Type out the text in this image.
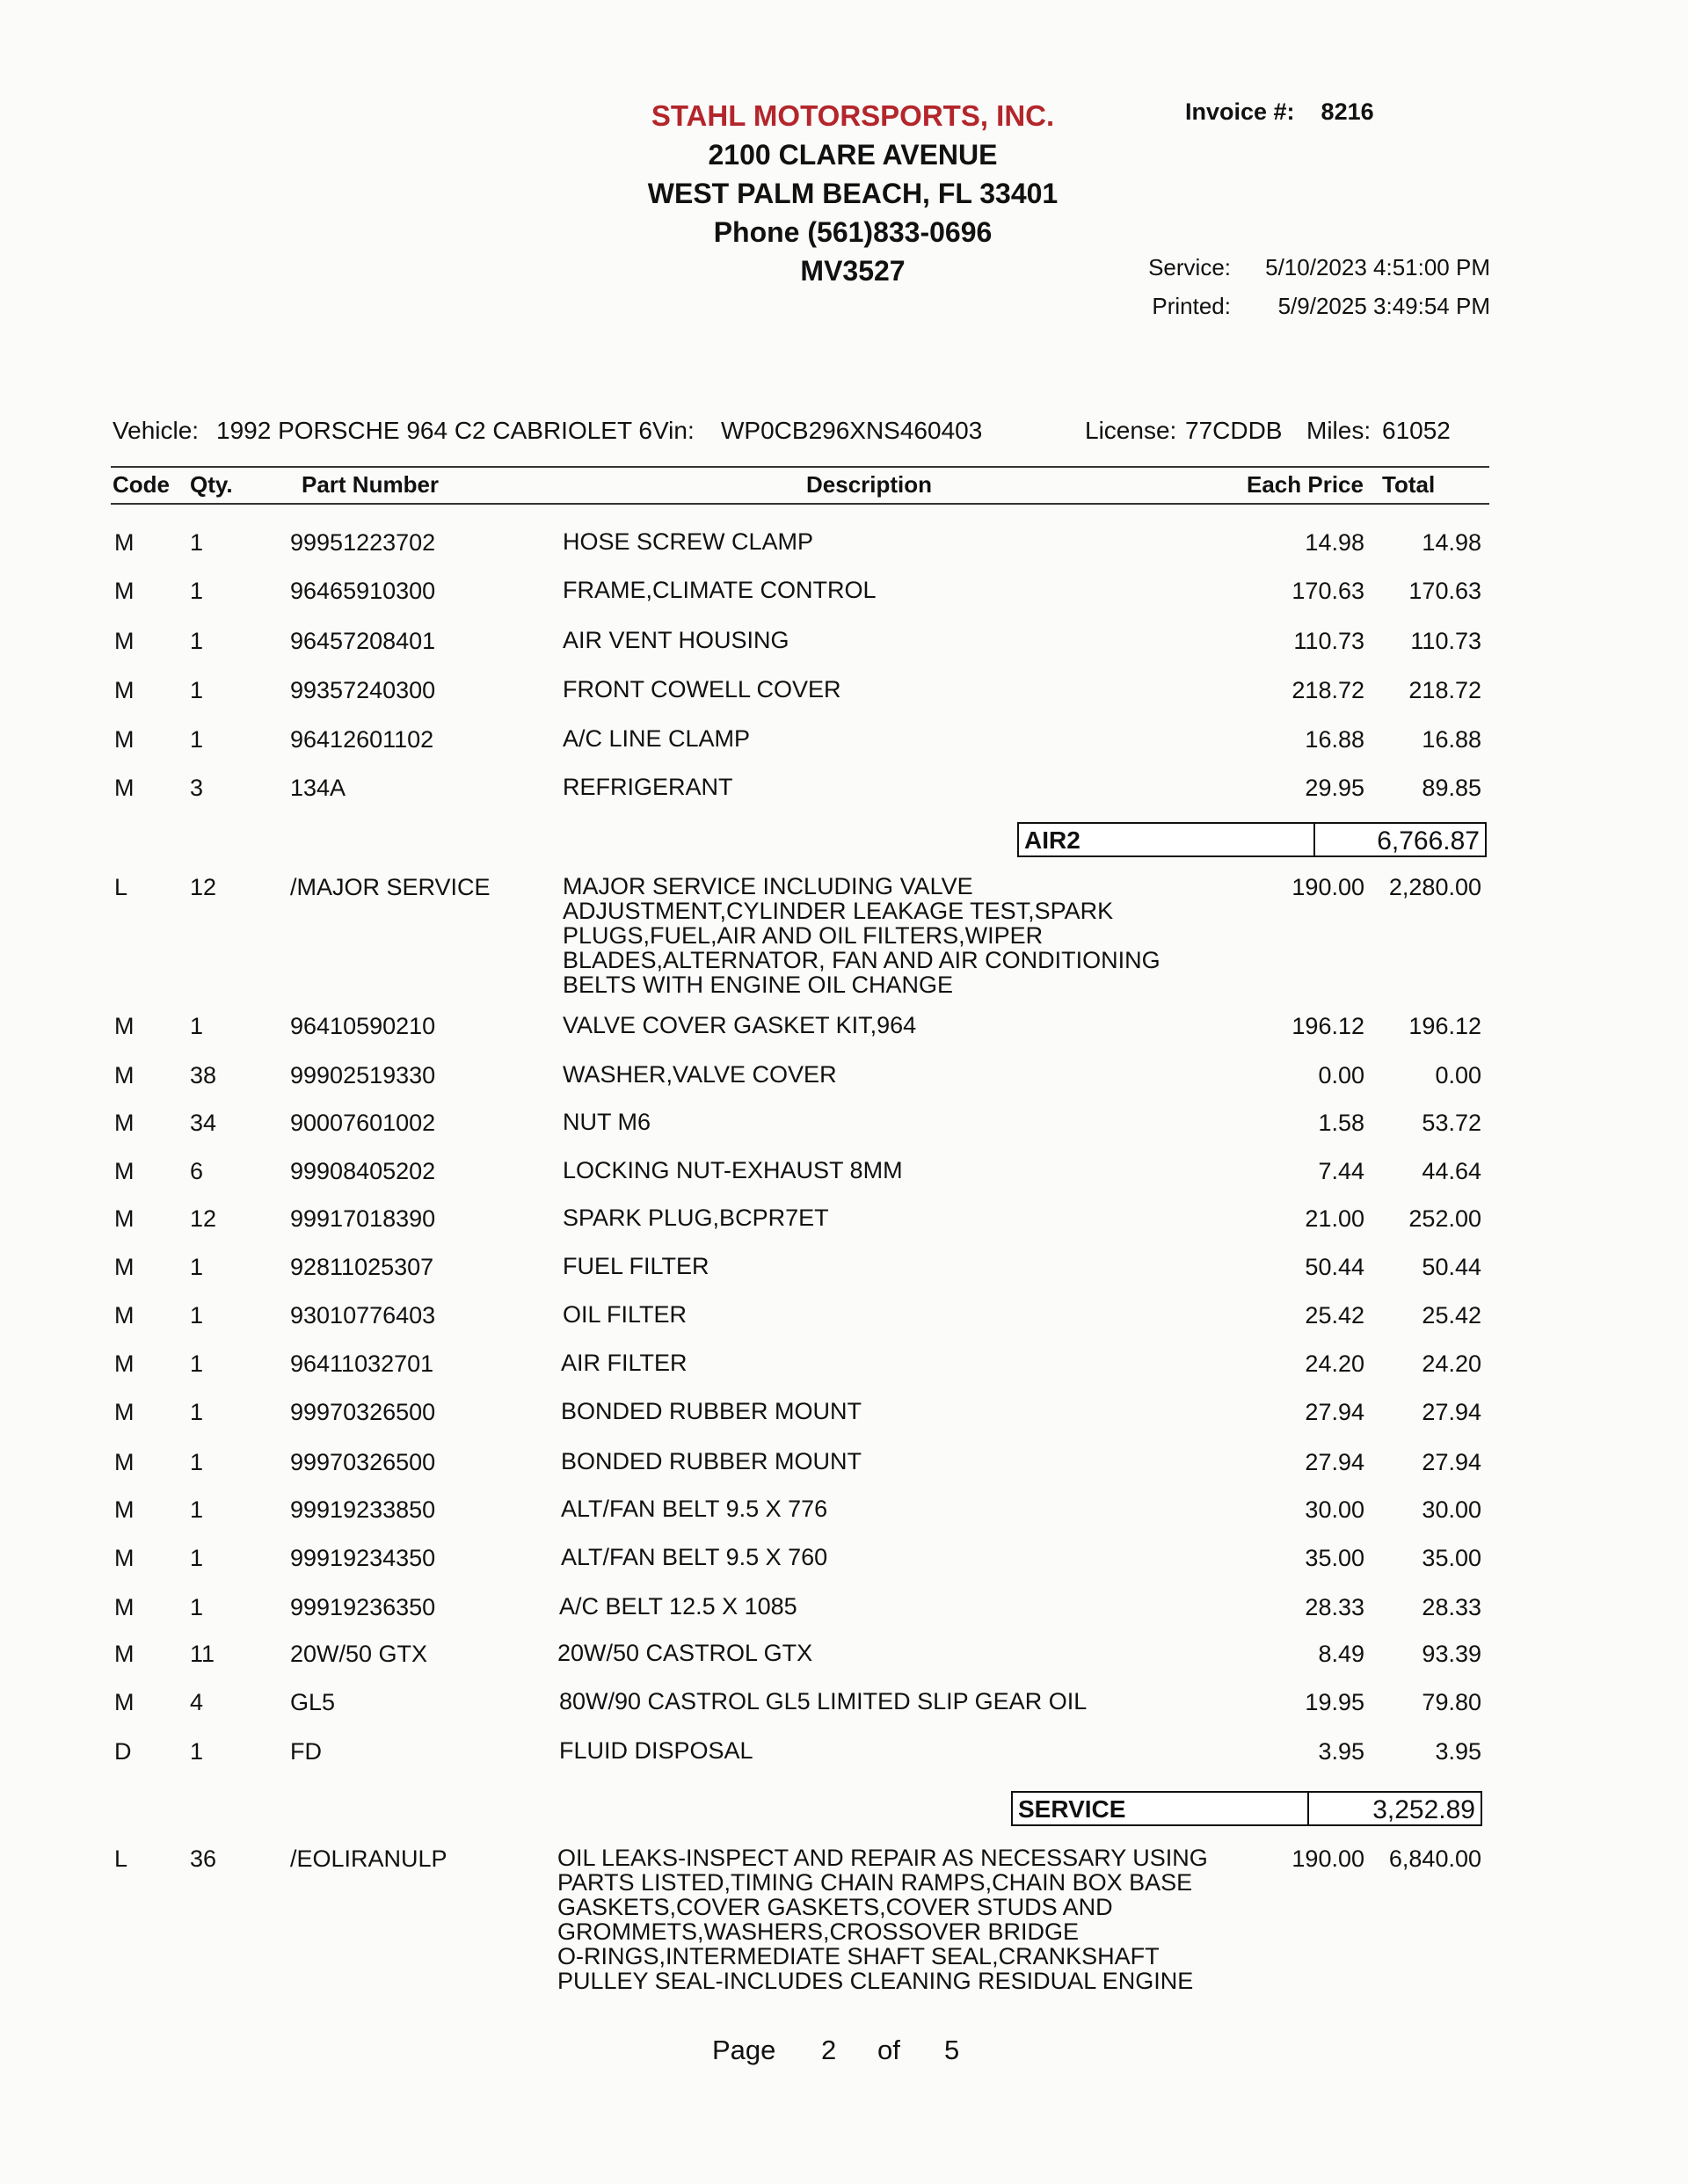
STAHL MOTORSPORTS, INC.
2100 CLARE AVENUE
WEST PALM BEACH, FL 33401
Phone (561)833-0696
MV3527
Invoice #: 8216
Service:
Printed:
5/10/2023 4:51:00 PM
5/9/2025 3:49:54 PM
Vehicle: 1992 PORSCHE 964 C2 CABRIOLET 6 Vin: WP0CB296XNS460403	License: 77CDDB Miles: 61052
Code Qty.	Part Number	Description	Each Price Total
M 1	99951223702	HOSE SCREW CLAMP	14.98 14.98
M 1	96465910300	FRAME,CLIMATE CONTROL	170.63 170.63
M 1	96457208401	AIR VENT HOUSING	110.73 110.73
M 1	99357240300	FRONT COWELL COVER	218.72 218.72
M 1	96412601102	A/C LINE CLAMP	16.88 16.88
M 3	134A	REFRIGERANT	29.95 89.85
L	12	/MAJOR SERVICE	MAJOR SERVICE INCLUDING VALVE
ADJUSTMENT,CYLINDER LEAKAGE TEST,SPARK
PLUGS,FUEL,AIR AND OIL FILTERS,WIPER
BLADES,ALTERNATOR, FAN AND AIR CONDITIONING
BELTS WITH ENGINE OIL CHANGE
190.00 2,280.00
M 1	96410590210	VALVE COVER GASKET KIT,964	196.12 196.12
M 38	99902519330	WASHER,VALVE COVER	0.00	0.00
M 34	90007601002	NUT M6	1.58 53.72
M 6	99908405202	LOCKING NUT-EXHAUST 8MM	7.44 44.64
M 12	99917018390	SPARK PLUG,BCPR7ET	21.00 252.00
M 1	92811025307	FUEL FILTER	50.44 50.44
M 1	93010776403	OIL FILTER	25.42 25.42
M 1	96411032701	AIR FILTER	24.20 24.20
M 1	99970326500	BONDED RUBBER MOUNT	27.94 27.94
M 1	99970326500	BONDED RUBBER MOUNT	27.94 27.94
M 1	99919233850	ALT/FAN BELT 9.5 X 776	30.00 30.00
M 1	99919234350	ALT/FAN BELT 9.5 X 760	35.00 35.00
M 1	99919236350	A/C BELT 12.5 X 1085	28.33 28.33
M 11	20W/50 GTX	20W/50 CASTROL GTX	8.49 93.39
M 4	GL5	80W/90 CASTROL GL5 LIMITED SLIP GEAR OIL	19.95 79.80
D 1	FD	FLUID DISPOSAL	3.95	3.95
L	36	/EOLIRANULP	OIL LEAKS-INSPECT AND REPAIR AS NECESSARY USING
PARTS LISTED,TIMING CHAIN RAMPS,CHAIN BOX BASE
GASKETS,COVER GASKETS,COVER STUDS AND
GROMMETS,WASHERS,CROSSOVER BRIDGE
O-RINGS,INTERMEDIATE SHAFT SEAL,CRANKSHAFT
PULLEY SEAL-INCLUDES CLEANING RESIDUAL ENGINE
190.00 6,840.00
AIR2	6,766.87
SERVICE	3,252.89
Page 2 of 5
